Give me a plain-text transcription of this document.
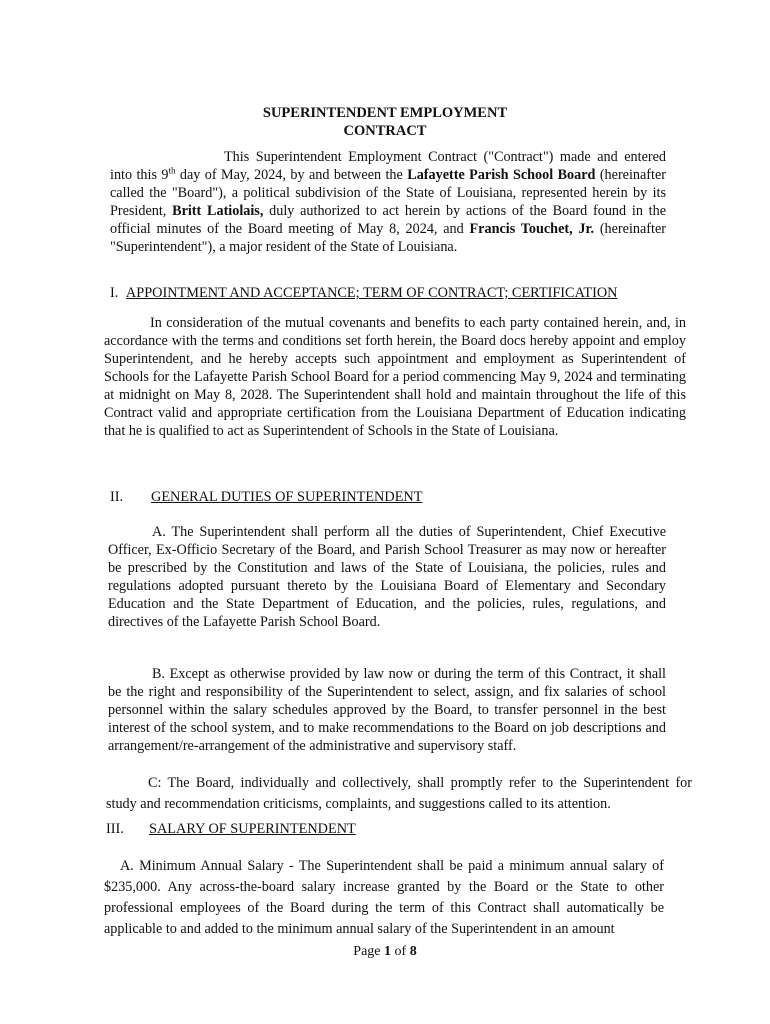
SUPERINTENDENT EMPLOYMENT
CONTRACT

This Superintendent Employment Contract ("Contract") made and entered into this 9th day of May, 2024, by and between the Lafayette Parish School Board (hereinafter called the "Board"), a political subdivision of the State of Louisiana, represented herein by its President, Britt Latiolais, duly authorized to act herein by actions of the Board found in the official minutes of the Board meeting of May 8, 2024, and Francis Touchet, Jr. (hereinafter "Superintendent"), a major resident of the State of Louisiana.

I. APPOINTMENT AND ACCEPTANCE; TERM OF CONTRACT; CERTIFICATION

In consideration of the mutual covenants and benefits to each party contained herein, and, in accordance with the terms and conditions set forth herein, the Board docs hereby appoint and employ Superintendent, and he hereby accepts such appointment and employment as Superintendent of Schools for the Lafayette Parish School Board for a period commencing May 9, 2024 and terminating at midnight on May 8, 2028. The Superintendent shall hold and maintain throughout the life of this Contract valid and appropriate certification from the Louisiana Department of Education indicating that he is qualified to act as Superintendent of Schools in the State of Louisiana.

II. GENERAL DUTIES OF SUPERINTENDENT

A. The Superintendent shall perform all the duties of Superintendent, Chief Executive Officer, Ex-Officio Secretary of the Board, and Parish School Treasurer as may now or hereafter be prescribed by the Constitution and laws of the State of Louisiana, the policies, rules and regulations adopted pursuant thereto by the Louisiana Board of Elementary and Secondary Education and the State Department of Education, and the policies, rules, regulations, and directives of the Lafayette Parish School Board.

B. Except as otherwise provided by law now or during the term of this Contract, it shall be the right and responsibility of the Superintendent to select, assign, and fix salaries of school personnel within the salary schedules approved by the Board, to transfer personnel in the best interest of the school system, and to make recommendations to the Board on job descriptions and arrangement/re-arrangement of the administrative and supervisory staff.

C: The Board, individually and collectively, shall promptly refer to the Superintendent for study and recommendation criticisms, complaints, and suggestions called to its attention.

III. SALARY OF SUPERINTENDENT

A. Minimum Annual Salary - The Superintendent shall be paid a minimum annual salary of $235,000. Any across-the-board salary increase granted by the Board or the State to other professional employees of the Board during the term of this Contract shall automatically be applicable to and added to the minimum annual salary of the Superintendent in an amount

Page 1 of 8
